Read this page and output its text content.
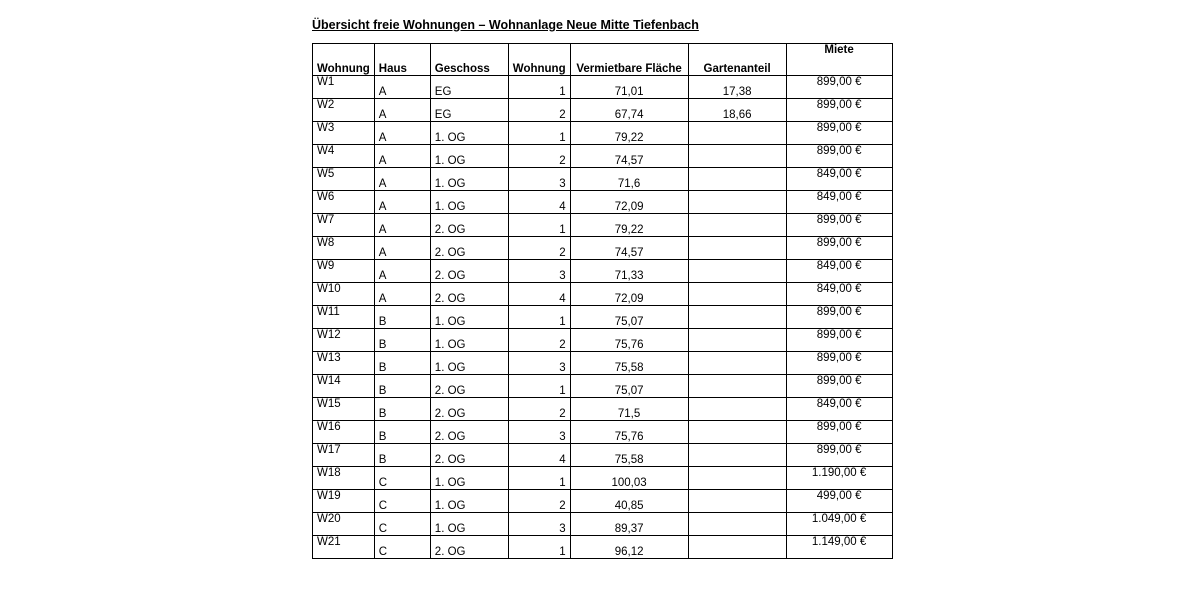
Übersicht freie Wohnungen – Wohnanlage Neue Mitte Tiefenbach
Wohnung	Haus	Geschoss	Wohnung	Vermietbare Fläche	Gartenanteil	Miete
W1	A	EG	1	71,01	17,38	899,00 €
W2	A	EG	2	67,74	18,66	899,00 €
W3	A	1. OG	1	79,22		899,00 €
W4	A	1. OG	2	74,57		899,00 €
W5	A	1. OG	3	71,6		849,00 €
W6	A	1. OG	4	72,09		849,00 €
W7	A	2. OG	1	79,22		899,00 €
W8	A	2. OG	2	74,57		899,00 €
W9	A	2. OG	3	71,33		849,00 €
W10	A	2. OG	4	72,09		849,00 €
W11	B	1. OG	1	75,07		899,00 €
W12	B	1. OG	2	75,76		899,00 €
W13	B	1. OG	3	75,58		899,00 €
W14	B	2. OG	1	75,07		899,00 €
W15	B	2. OG	2	71,5		849,00 €
W16	B	2. OG	3	75,76		899,00 €
W17	B	2. OG	4	75,58		899,00 €
W18	C	1. OG	1	100,03		1.190,00 €
W19	C	1. OG	2	40,85		499,00 €
W20	C	1. OG	3	89,37		1.049,00 €
W21	C	2. OG	1	96,12		1.149,00 €
